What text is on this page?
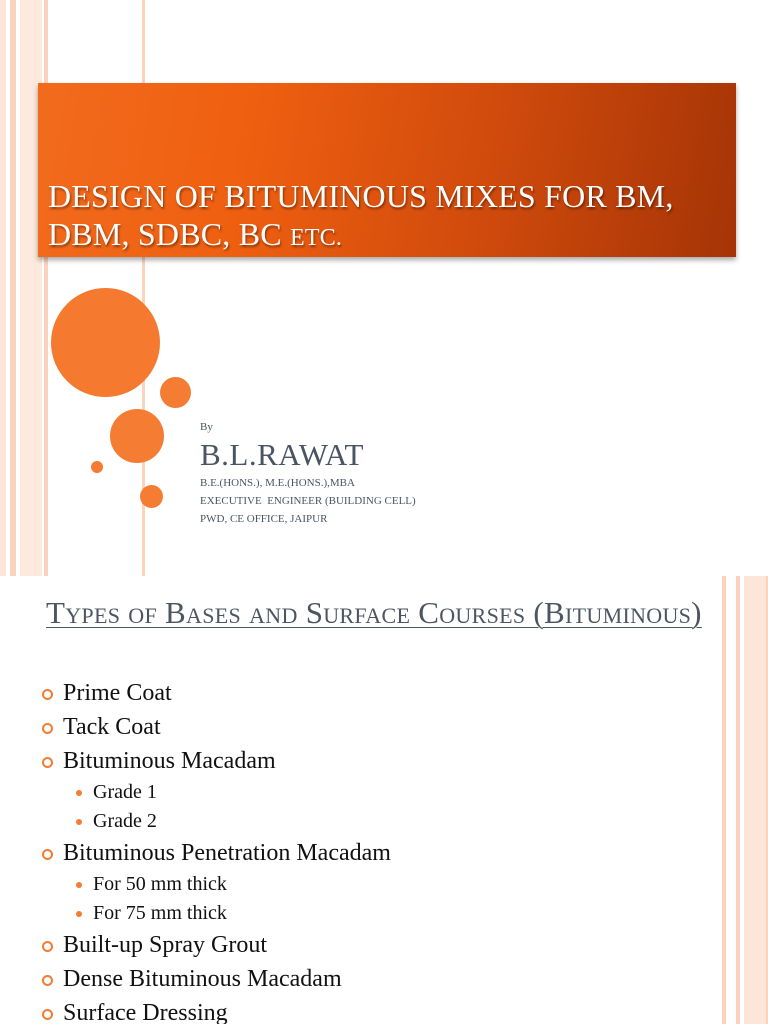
DESIGN OF BITUMINOUS MIXES FOR BM, DBM, SDBC, BC ETC.
By
B.L.RAWAT
B.E.(HONS.), M.E.(HONS.),MBA
EXECUTIVE  ENGINEER (BUILDING CELL)
PWD, CE OFFICE, JAIPUR
Types of Bases and Surface Courses (Bituminous)
Prime Coat
Tack Coat
Bituminous Macadam
Grade 1
Grade 2
Bituminous Penetration Macadam
For 50 mm thick
For 75 mm thick
Built-up Spray Grout
Dense Bituminous Macadam
Surface Dressing
